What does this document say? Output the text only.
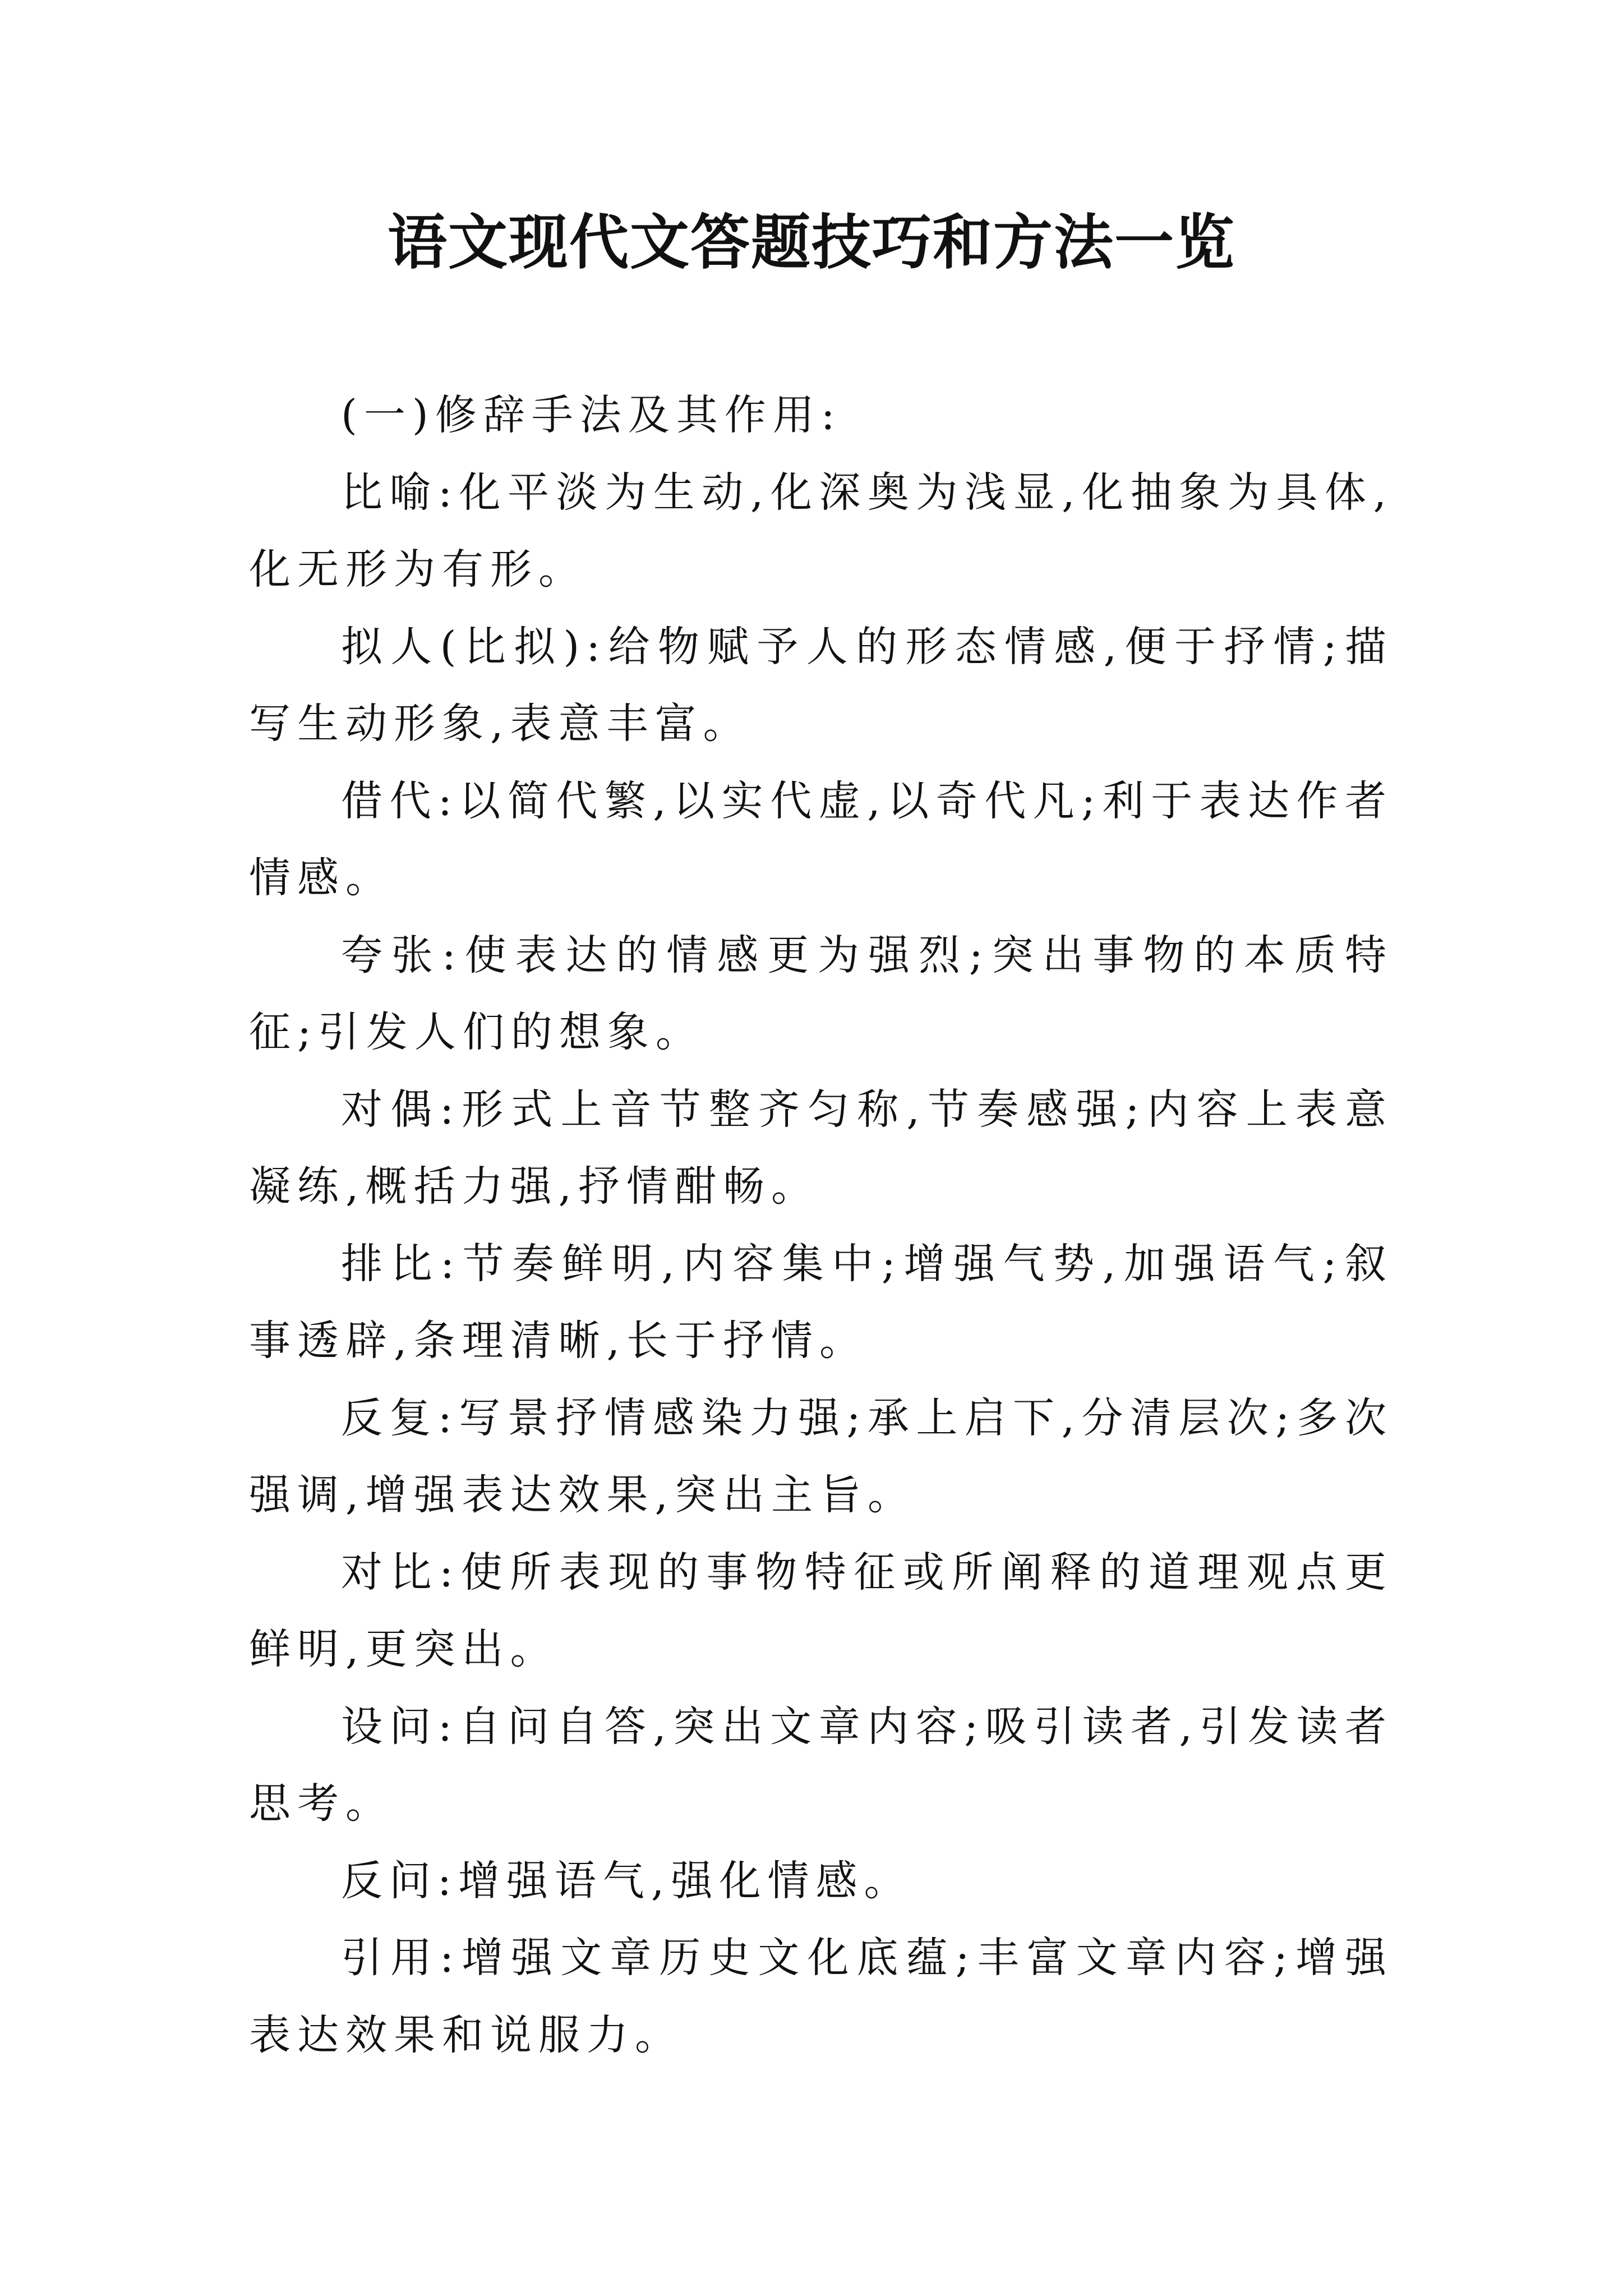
语文现代文答题技巧和方法一览

(一)修辞手法及其作用:

比喻:化平淡为生动,化深奥为浅显,化抽象为具体,化无形为有形。

拟人(比拟):给物赋予人的形态情感,便于抒情;描写生动形象,表意丰富。

借代:以简代繁,以实代虚,以奇代凡;利于表达作者情感。

夸张:使表达的情感更为强烈;突出事物的本质特征;引发人们的想象。

对偶:形式上音节整齐匀称,节奏感强;内容上表意凝练,概括力强,抒情酣畅。

排比:节奏鲜明,内容集中;增强气势,加强语气;叙事透辟,条理清晰,长于抒情。

反复:写景抒情感染力强;承上启下,分清层次;多次强调,增强表达效果,突出主旨。

对比:使所表现的事物特征或所阐释的道理观点更鲜明,更突出。

设问:自问自答,突出文章内容;吸引读者,引发读者思考。

反问:增强语气,强化情感。

引用:增强文章历史文化底蕴;丰富文章内容;增强表达效果和说服力。
